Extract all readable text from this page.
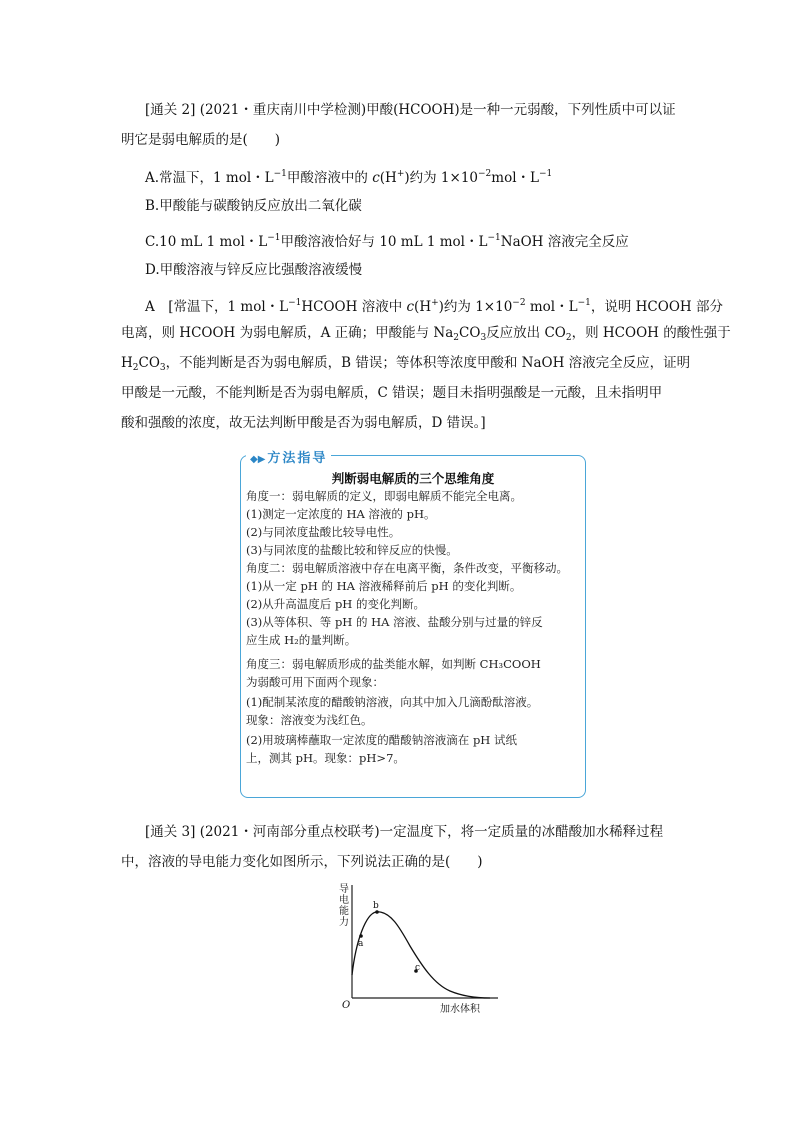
[通关 2] (2021・重庆南川中学检测)甲酸(HCOOH)是一种一元弱酸，下列性质中可以证
明它是弱电解质的是(　　)
A.常温下，1 mol・$L^{-1}$甲酸溶液中的 c(H+)约为 $1\times 10^{-2}mol$・$L^{-1}$
B.甲酸能与碳酸钠反应放出二氧化碳
C.10 mL 1 mol・$L^{-1}$甲酸溶液恰好与 10 mL 1 mol・$L^{-1}NaOH$ 溶液完全反应
D.甲酸溶液与锌反应比强酸溶液缓慢
A　[常温下，1 mol・$L^{-1}HCOOH$ 溶液中 c(H+)约为 $1\times 10^{-2}$ mol・$L^{-1}$，说明 HCOOH 部分
电离，则 HCOOH 为弱电解质，A 正确；甲酸能与 $Na_2CO_3$反应放出 $CO_2$，则 HCOOH 的酸性强于
$H_2CO_3$，不能判断是否为弱电解质，B 错误；等体积等浓度甲酸和 NaOH 溶液完全反应，证明
甲酸是一元酸，不能判断是否为弱电解质，C 错误；题目未指明强酸是一元酸，且未指明甲
酸和强酸的浓度，故无法判断甲酸是否为弱电解质，D 错误。]
◆▶ 方法指导
判断弱电解质的三个思维角度
角度一：弱电解质的定义，即弱电解质不能完全电离。
(1)测定一定浓度的 HA 溶液的 pH。
(2)与同浓度盐酸比较导电性。
(3)与同浓度的盐酸比较和锌反应的快慢。
角度二：弱电解质溶液中存在电离平衡，条件改变，平衡移动。
(1)从一定 pH 的 HA 溶液稀释前后 pH 的变化判断。
(2)从升高温度后 pH 的变化判断。
(3)从等体积、等 pH 的 HA 溶液、盐酸分别与过量的锌反
应生成 H₂的量判断。
角度三：弱电解质形成的盐类能水解，如判断 CH₃COOH
为弱酸可用下面两个现象：
(1)配制某浓度的醋酸钠溶液，向其中加入几滴酚酞溶液。
现象：溶液变为浅红色。
(2)用玻璃棒蘸取一定浓度的醋酸钠溶液滴在 pH 试纸
上，测其 pH。现象：pH>7。
[通关 3] (2021・河南部分重点校联考)一定温度下，将一定质量的冰醋酸加水稀释过程
中，溶液的导电能力变化如图所示，下列说法正确的是(　　)
导电能力
加水体积
O
a
b
c
